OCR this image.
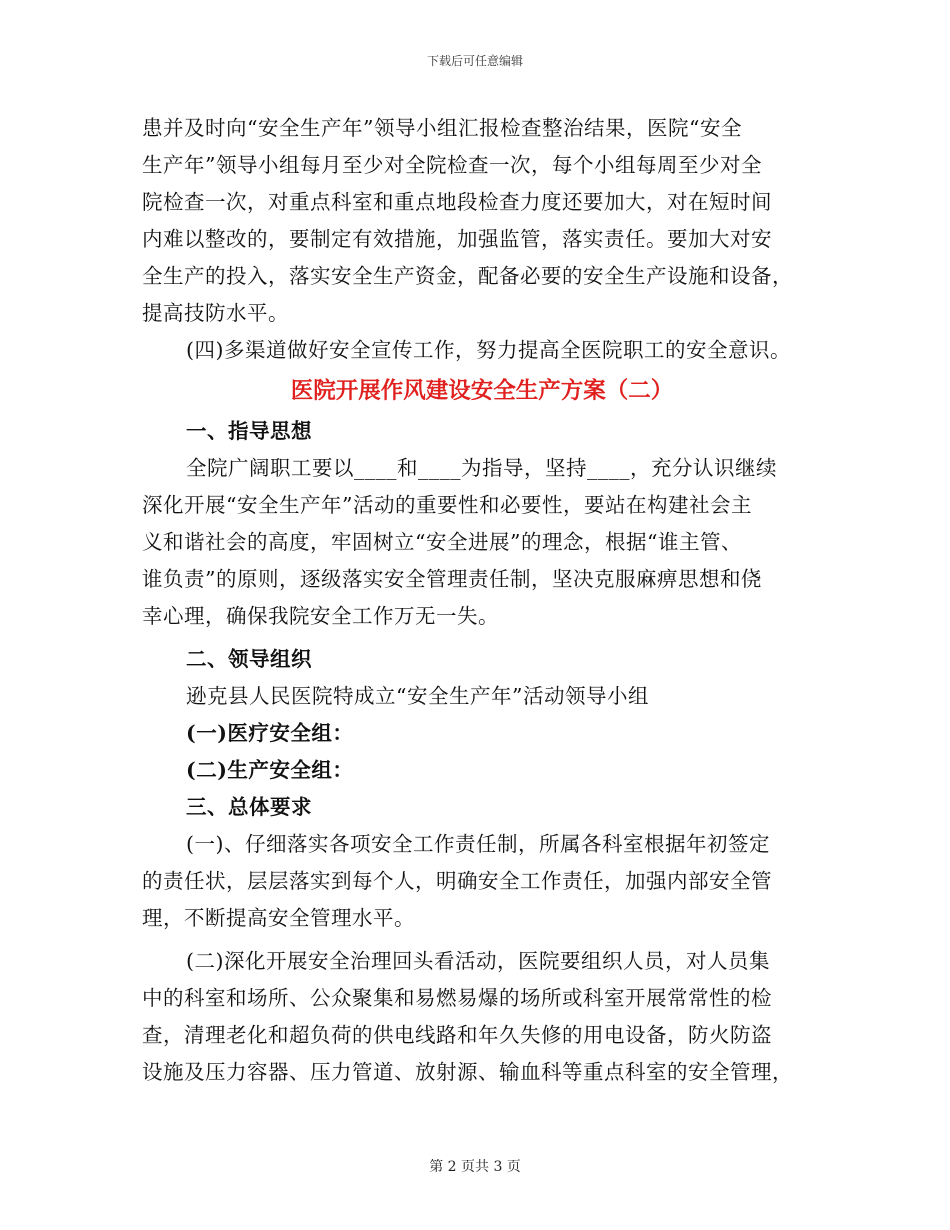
下载后可任意编辑
患并及时向“安全生产年”领导小组汇报检查整治结果，医院“安全
生产年”领导小组每月至少对全院检查一次，每个小组每周至少对全
院检查一次，对重点科室和重点地段检查力度还要加大，对在短时间
内难以整改的，要制定有效措施，加强监管，落实责任。要加大对安
全生产的投入，落实安全生产资金，配备必要的安全生产设施和设备，
提高技防水平。
(四)多渠道做好安全宣传工作，努力提高全医院职工的安全意识。
医院开展作风建设安全生产方案（二）
一、指导思想
全院广阔职工要以____和____为指导，坚持____，充分认识继续
深化开展“安全生产年”活动的重要性和必要性，要站在构建社会主
义和谐社会的高度，牢固树立“安全进展”的理念，根据“谁主管、
谁负责”的原则，逐级落实安全管理责任制，坚决克服麻痹思想和侥
幸心理，确保我院安全工作万无一失。
二、领导组织
逊克县人民医院特成立“安全生产年”活动领导小组
(一)医疗安全组：
(二)生产安全组：
三、总体要求
(一)、仔细落实各项安全工作责任制，所属各科室根据年初签定
的责任状，层层落实到每个人，明确安全工作责任，加强内部安全管
理，不断提高安全管理水平。
(二)深化开展安全治理回头看活动，医院要组织人员，对人员集
中的科室和场所、公众聚集和易燃易爆的场所或科室开展常常性的检
查，清理老化和超负荷的供电线路和年久失修的用电设备，防火防盗
设施及压力容器、压力管道、放射源、输血科等重点科室的安全管理，
第 2 页共 3 页
